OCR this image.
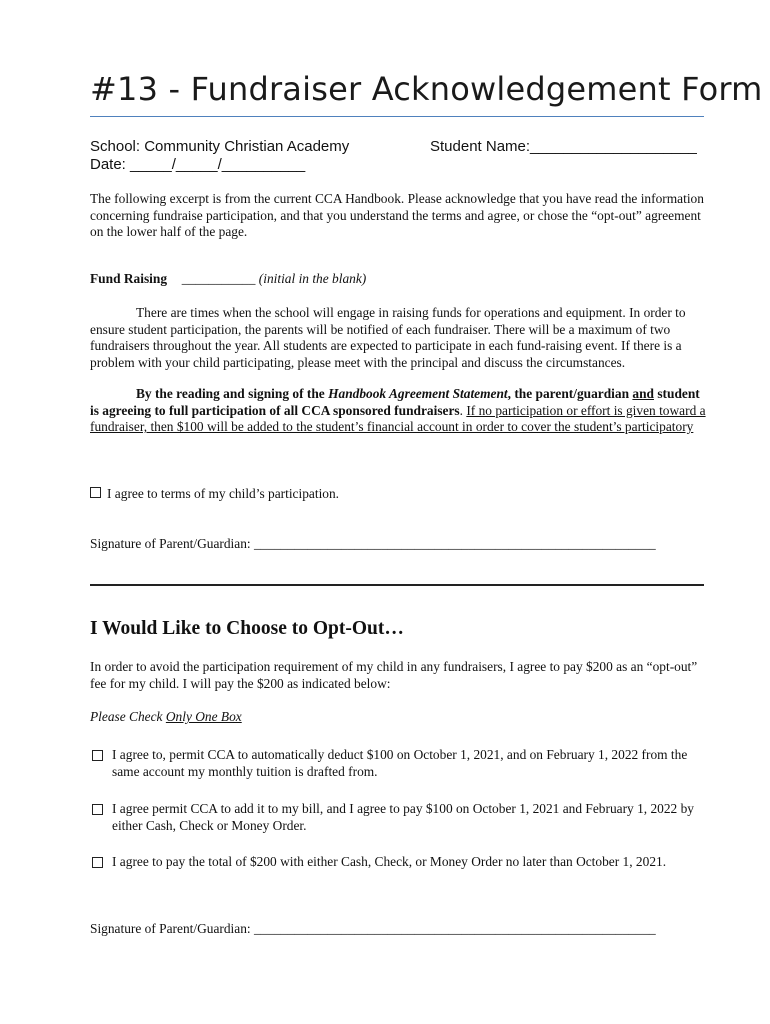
#13 - Fundraiser Acknowledgement Form
School: Community Christian Academy	Student Name:____________________
Date: _____/_____/__________
The following excerpt is from the current CCA Handbook. Please acknowledge that you have read the information concerning fundraise participation, and that you understand the terms and agree, or chose the “opt-out” agreement on the lower half of the page.
Fund Raising ___________ (initial in the blank)
There are times when the school will engage in raising funds for operations and equipment. In order to ensure student participation, the parents will be notified of each fundraiser. There will be a maximum of two fundraisers throughout the year. All students are expected to participate in each fund-raising event. If there is a problem with your child participating, please meet with the principal and discuss the circumstances.
By the reading and signing of the Handbook Agreement Statement, the parent/guardian and student is agreeing to full participation of all CCA sponsored fundraisers. If no participation or effort is given toward a fundraiser, then $100 will be added to the student’s financial account in order to cover the student’s participatory
I agree to terms of my child’s participation.
Signature of Parent/Guardian: ____________________________________________________________
I Would Like to Choose to Opt-Out…
In order to avoid the participation requirement of my child in any fundraisers, I agree to pay $200 as an “opt-out” fee for my child. I will pay the $200 as indicated below:
Please Check Only One Box
I agree to, permit CCA to automatically deduct $100 on October 1, 2021, and on February 1, 2022 from the same account my monthly tuition is drafted from.
I agree permit CCA to add it to my bill, and I agree to pay $100 on October 1, 2021 and February 1, 2022 by either Cash, Check or Money Order.
I agree to pay the total of $200 with either Cash, Check, or Money Order no later than October 1, 2021.
Signature of Parent/Guardian: ____________________________________________________________
